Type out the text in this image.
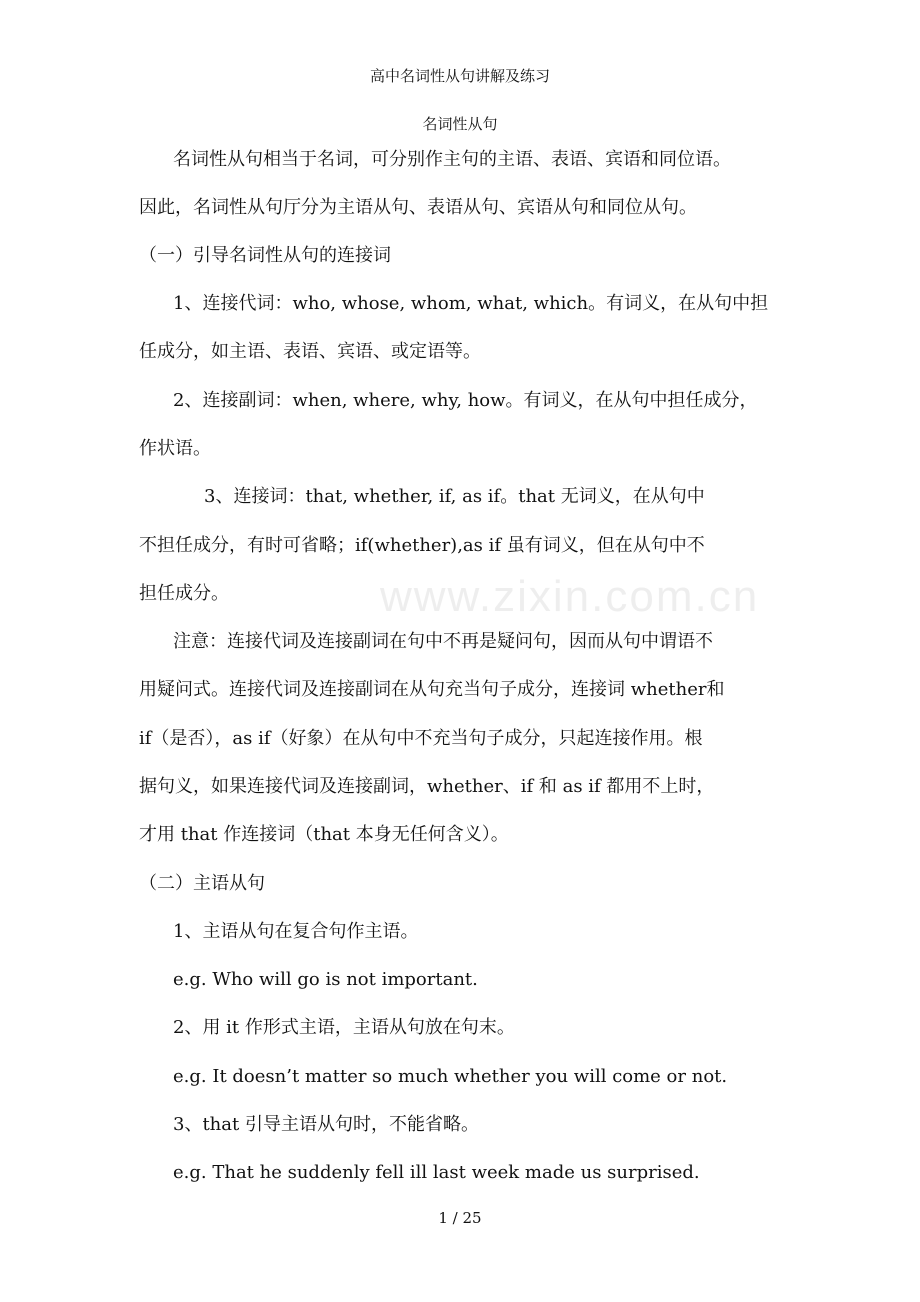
高中名词性从句讲解及练习
名词性从句
www.zixin.com.cn
名词性从句相当于名词，可分别作主句的主语、表语、宾语和同位语。
因此，名词性从句厅分为主语从句、表语从句、宾语从句和同位从句。
（一）引导名词性从句的连接词
1、连接代词：who, whose, whom, what, which。有词义，在从句中担
任成分，如主语、表语、宾语、或定语等。
2、连接副词：when, where, why, how。有词义，在从句中担任成分，
作状语。
3、连接词：that, whether, if, as if。that 无词义，在从句中
不担任成分，有时可省略；if(whether),as if 虽有词义，但在从句中不
担任成分。
注意：连接代词及连接副词在句中不再是疑问句，因而从句中谓语不
用疑问式。连接代词及连接副词在从句充当句子成分，连接词 whether和
if（是否），as if（好象）在从句中不充当句子成分，只起连接作用。根
据句义，如果连接代词及连接副词，whether、if 和 as if 都用不上时，
才用 that 作连接词（that 本身无任何含义）。
（二）主语从句
1、主语从句在复合句作主语。
e.g. Who will go is not important.
2、用 it 作形式主语，主语从句放在句末。
e.g. It doesn’t matter so much whether you will come or not.
3、that 引导主语从句时，不能省略。
e.g. That he suddenly fell ill last week made us surprised.
1 / 25
